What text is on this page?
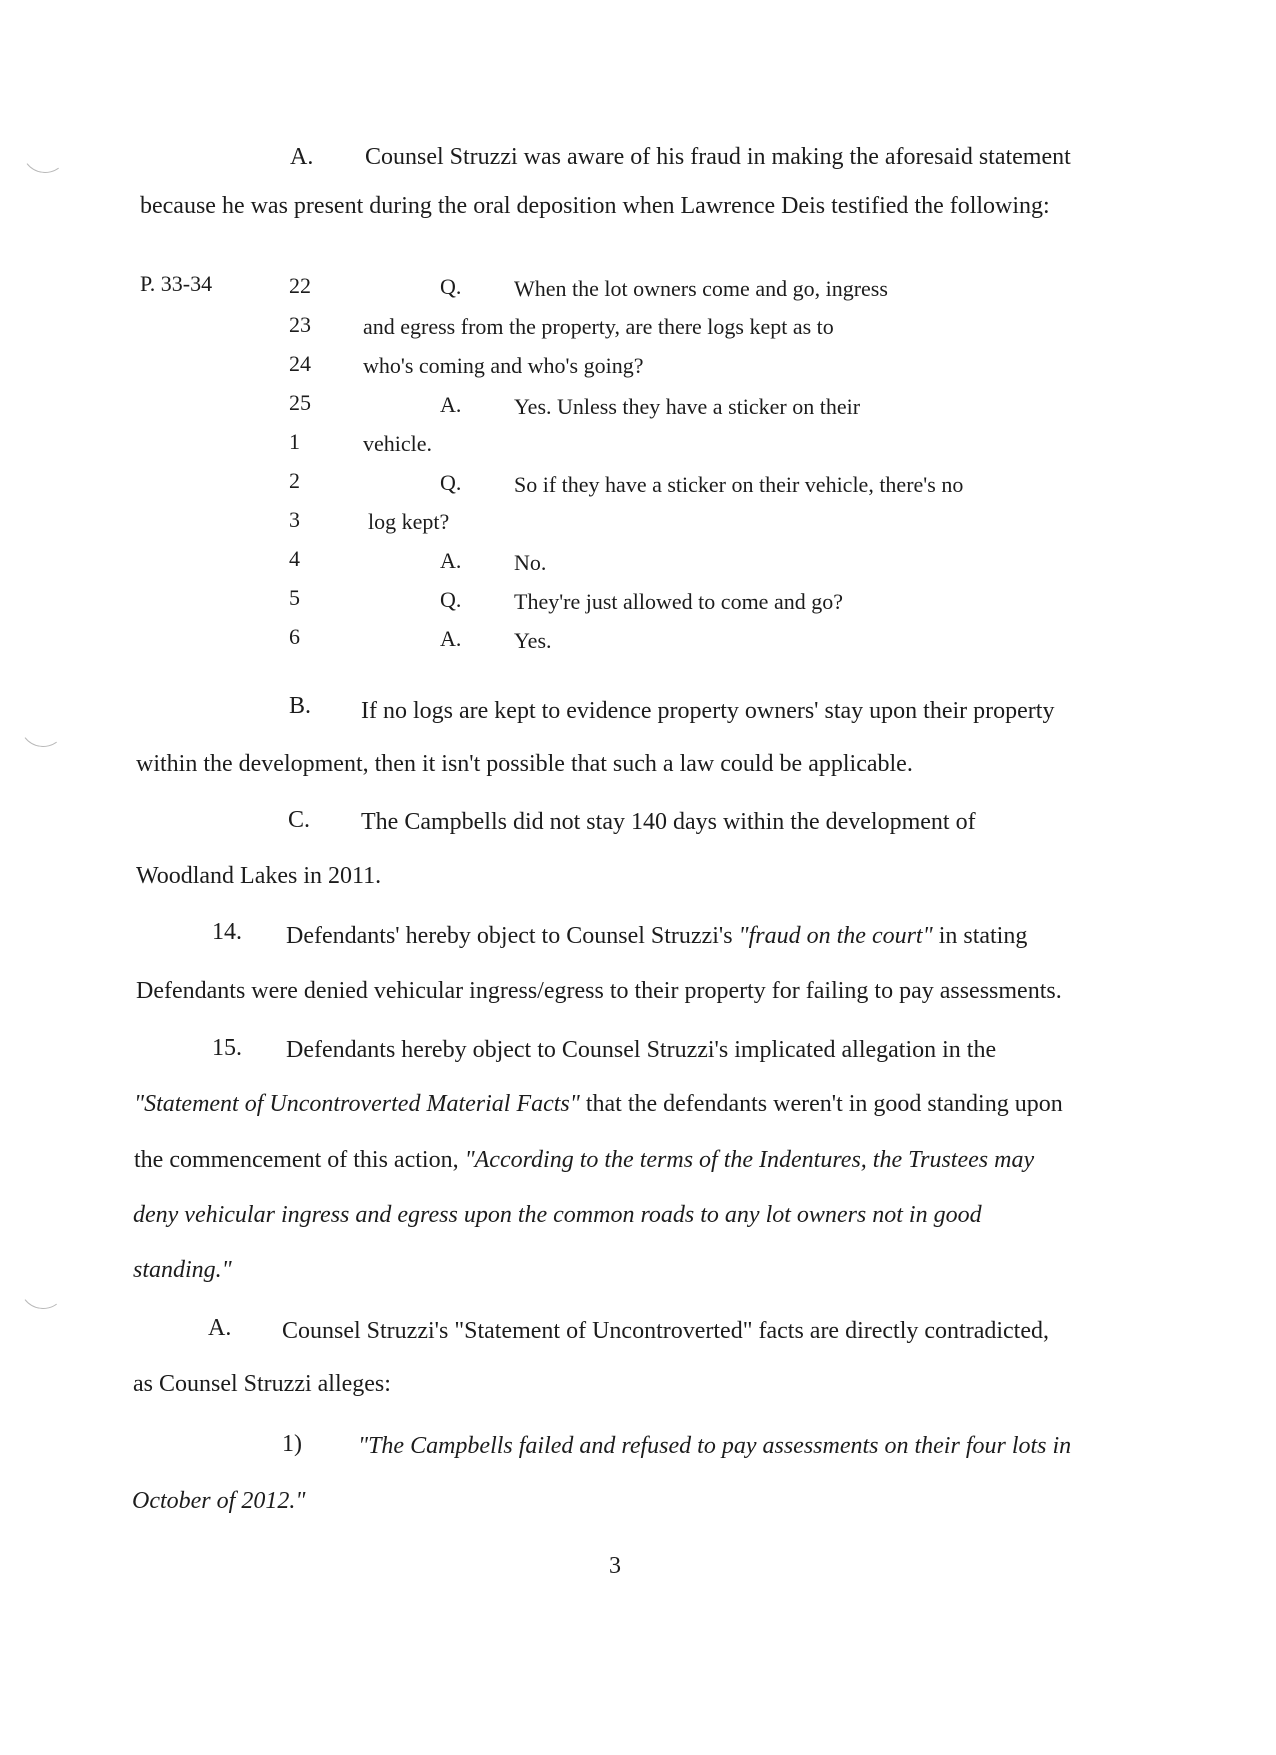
A. Counsel Struzzi was aware of his fraud in making the aforesaid statement
because he was present during the oral deposition when Lawrence Deis testified the following:
P. 33-34	22	Q. When the lot owners come and go, ingress
23 and egress from the property, are there logs kept as to
24 who's coming and who's going?
25	A. Yes. Unless they have a sticker on their
1	vehicle.
2	Q. So if they have a sticker on their vehicle, there's no
3	log kept?
4	A. No.
5	Q. They're just allowed to come and go?
6	A. Yes.
B. If no logs are kept to evidence property owners' stay upon their property
within the development, then it isn't possible that such a law could be applicable.
C. The Campbells did not stay 140 days within the development of
Woodland Lakes in 2011.
14. Defendants' hereby object to Counsel Struzzi's "fraud on the court" in stating
Defendants were denied vehicular ingress/egress to their property for failing to pay assessments.
15. Defendants hereby object to Counsel Struzzi's implicated allegation in the
"Statement of Uncontroverted Material Facts" that the defendants weren't in good standing upon
the commencement of this action, "According to the terms of the Indentures, the Trustees may
deny vehicular ingress and egress upon the common roads to any lot owners not in good
standing."
A. Counsel Struzzi's "Statement of Uncontroverted" facts are directly contradicted,
as Counsel Struzzi alleges:
1) "The Campbells failed and refused to pay assessments on their four lots in
October of 2012."
3
